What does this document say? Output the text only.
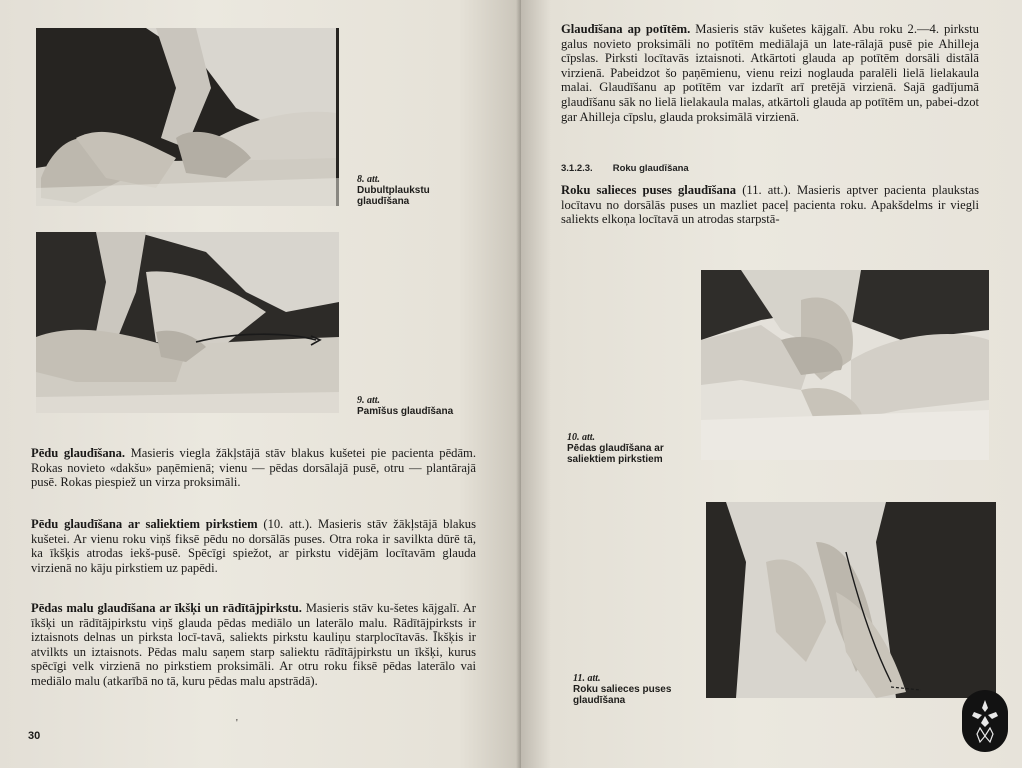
8. att.
Dubultplaukstu
glaudīšana
9. att.
Pamīšus glaudīšana

Pēdu glaudīšana. Masieris viegla žākļstājā stāv blakus kušetei pie pacienta pēdām. Rokas novieto «dakšu» paņēmienā; vienu — pēdas dorsālajā pusē, otru — plantārajā pusē. Rokas piespiež un virza proksimāli.

Pēdu glaudīšana ar saliektiem pirkstiem (10. att.). Masieris stāv žākļstājā blakus kušetei. Ar vienu roku viņš fiksē pēdu no dorsālās puses. Otra roka ir savilkta dūrē tā, ka īkšķis atrodas iekš-pusē. Spēcīgi spiežot, ar pirkstu vidējām locītavām glauda virzienā no kāju pirkstiem uz papēdi.

Pēdas malu glaudīšana ar īkšķi un rādītājpirkstu. Masieris stāv ku-šetes kājgalī. Ar īkšķi un rādītājpirkstu viņš glauda pēdas mediālo un laterālo malu. Rādītājpirksts ir iztaisnots delnas un pirksta locī-tavā, saliekts pirkstu kauliņu starplocītavās. Īkšķis ir atvilkts un iztaisnots. Pēdas malu saņem starp saliektu rādītājpirkstu un īkšķi, kurus spēcīgi velk virzienā no pirkstiem proksimāli. Ar otru roku fiksē pēdas laterālo vai mediālo malu (atkarībā no tā, kuru pēdas malu apstrādā).

'
30

Glaudīšana ap potītēm. Masieris stāv kušetes kājgalī. Abu roku 2.—4. pirkstu galus novieto proksimāli no potītēm mediālajā un late-rālajā pusē pie Ahilleja cīpslas. Pirksti locītavās iztaisnoti. Atkārtoti glauda ap potītēm dorsāli distālā virzienā. Pabeidzot šo paņēmienu, vienu reizi noglauda paralēli lielā lielakaula malai. Glaudīšanu ap potītēm var izdarīt arī pretējā virzienā. Sajā gadījumā glaudīšanu sāk no lielā lielakaula malas, atkārtoli glauda ap potītēm un, pabei-dzot gar Ahilleja cīpslu, glauda proksimālā virzienā.

3.1.2.3. Roku glaudīšana

Roku salieces puses glaudīšana (11. att.). Masieris aptver pacienta plaukstas locītavu no dorsālās puses un mazliet paceļ pacienta roku. Apakšdelms ir viegli saliekts elkoņa locītavā un atrodas starpstā-

10. att.
Pēdas glaudīšana ar
saliektiem pirkstiem
11. att.
Roku salieces puses
glaudīšana
